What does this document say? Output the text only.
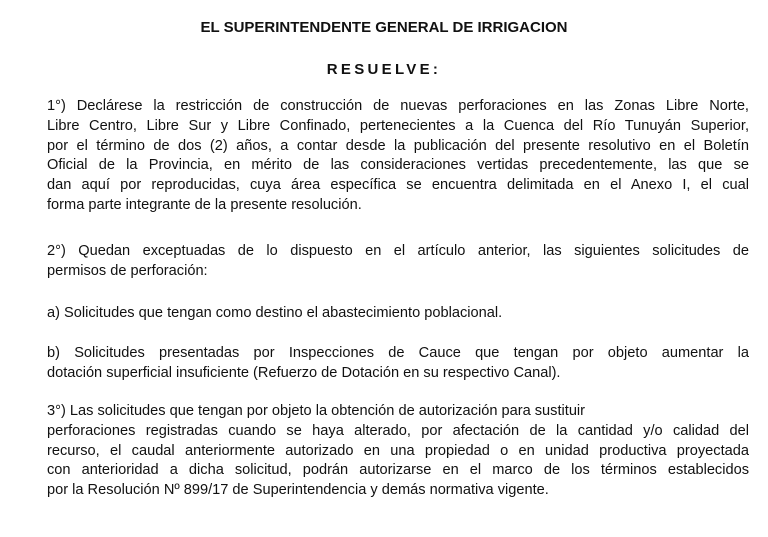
EL SUPERINTENDENTE GENERAL DE IRRIGACION
RESUELVE:

1°) Declárese la restricción de construcción de nuevas perforaciones en las Zonas Libre Norte,
Libre Centro, Libre Sur y Libre Confinado, pertenecientes a la Cuenca del Río Tunuyán Superior,
por el término de dos (2) años, a contar desde la publicación del presente resolutivo en el Boletín
Oficial de la Provincia, en mérito de las consideraciones vertidas precedentemente, las que se
dan aquí por reproducidas, cuya área específica se encuentra delimitada en el Anexo I, el cual
forma parte integrante de la presente resolución.

2°) Quedan exceptuadas de lo dispuesto en el artículo anterior, las siguientes solicitudes de
permisos de perforación:

a) Solicitudes que tengan como destino el abastecimiento poblacional.

b) Solicitudes presentadas por Inspecciones de Cauce que tengan por objeto aumentar la
dotación superficial insuficiente (Refuerzo de Dotación en su respectivo Canal).

3°) Las solicitudes que tengan por objeto la obtención de autorización para sustituir
perforaciones registradas cuando se haya alterado, por afectación de la cantidad y/o calidad del
recurso, el caudal anteriormente autorizado en una propiedad o en unidad productiva proyectada
con anterioridad a dicha solicitud, podrán autorizarse en el marco de los términos establecidos
por la Resolución Nº 899/17 de Superintendencia y demás normativa vigente.
